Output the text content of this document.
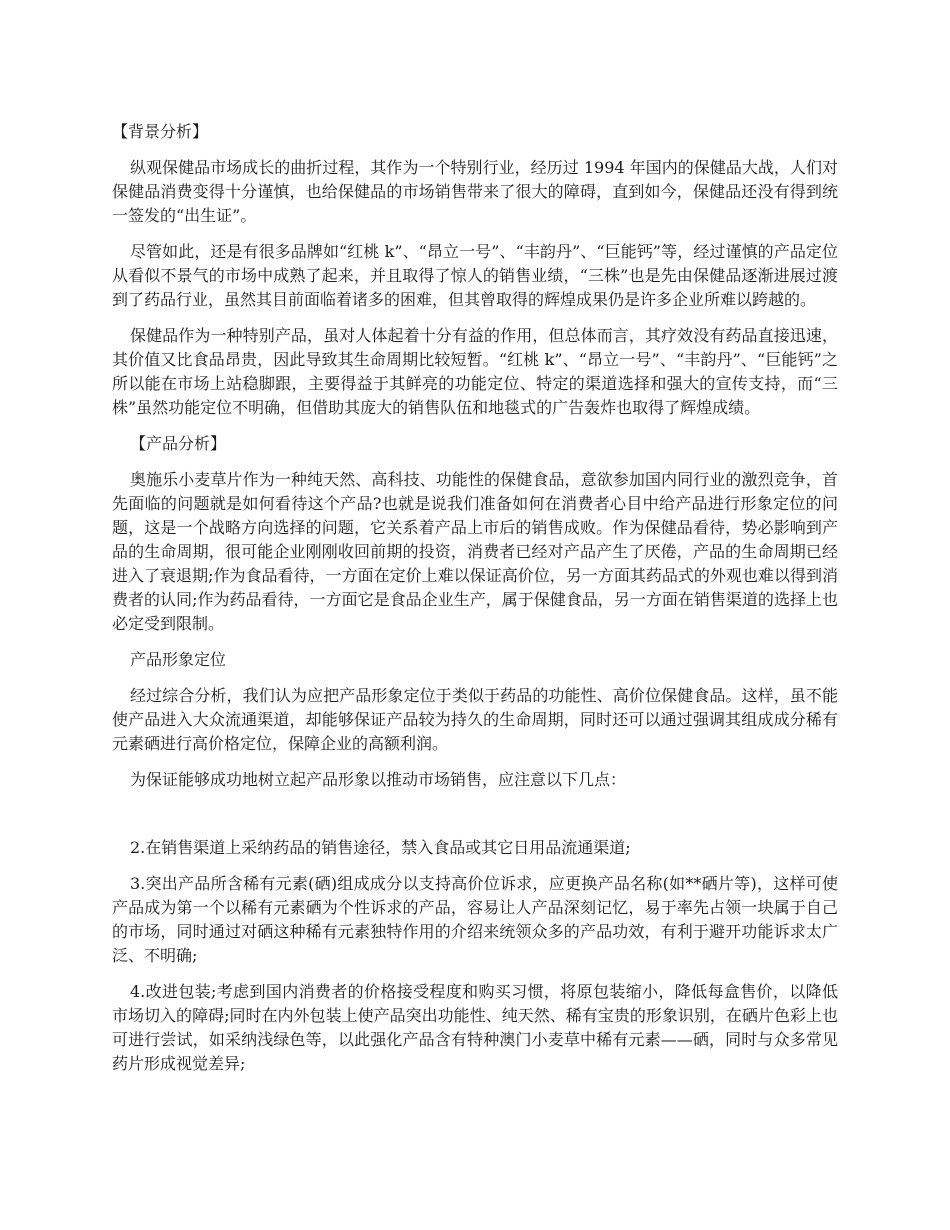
【背景分析】

纵观保健品市场成长的曲折过程，其作为一个特别行业，经历过 1994 年国内的保健品大战，人们对保健品消费变得十分谨慎，也给保健品的市场销售带来了很大的障碍，直到如今，保健品还没有得到统一签发的“出生证”。

尽管如此，还是有很多品牌如“红桃 k”、“昂立一号”、“丰韵丹”、“巨能钙”等，经过谨慎的产品定位从看似不景气的市场中成熟了起来，并且取得了惊人的销售业绩，“三株”也是先由保健品逐渐进展过渡到了药品行业，虽然其目前面临着诸多的困难，但其曾取得的辉煌成果仍是许多企业所难以跨越的。

保健品作为一种特别产品，虽对人体起着十分有益的作用，但总体而言，其疗效没有药品直接迅速，其价值又比食品昂贵，因此导致其生命周期比较短暂。“红桃 k”、“昂立一号”、“丰韵丹”、“巨能钙”之所以能在市场上站稳脚跟，主要得益于其鲜亮的功能定位、特定的渠道选择和强大的宣传支持，而“三株”虽然功能定位不明确，但借助其庞大的销售队伍和地毯式的广告轰炸也取得了辉煌成绩。

【产品分析】

奥施乐小麦草片作为一种纯天然、高科技、功能性的保健食品，意欲参加国内同行业的激烈竞争，首先面临的问题就是如何看待这个产品?也就是说我们准备如何在消费者心目中给产品进行形象定位的问题，这是一个战略方向选择的问题，它关系着产品上市后的销售成败。作为保健品看待，势必影响到产品的生命周期，很可能企业刚刚收回前期的投资，消费者已经对产品产生了厌倦，产品的生命周期已经进入了衰退期;作为食品看待，一方面在定价上难以保证高价位，另一方面其药品式的外观也难以得到消费者的认同;作为药品看待，一方面它是食品企业生产，属于保健食品，另一方面在销售渠道的选择上也必定受到限制。

产品形象定位

经过综合分析，我们认为应把产品形象定位于类似于药品的功能性、高价位保健食品。这样，虽不能使产品进入大众流通渠道，却能够保证产品较为持久的生命周期，同时还可以通过强调其组成成分稀有元素硒进行高价格定位，保障企业的高额利润。

为保证能够成功地树立起产品形象以推动市场销售，应注意以下几点：

2.在销售渠道上采纳药品的销售途径，禁入食品或其它日用品流通渠道;

3.突出产品所含稀有元素(硒)组成成分以支持高价位诉求，应更换产品名称(如**硒片等)，这样可使产品成为第一个以稀有元素硒为个性诉求的产品，容易让人产品深刻记忆，易于率先占领一块属于自己的市场，同时通过对硒这种稀有元素独特作用的介绍来统领众多的产品功效，有利于避开功能诉求太广泛、不明确;

4.改进包装;考虑到国内消费者的价格接受程度和购买习惯，将原包装缩小，降低每盒售价，以降低市场切入的障碍;同时在内外包装上使产品突出功能性、纯天然、稀有宝贵的形象识别，在硒片色彩上也可进行尝试，如采纳浅绿色等，以此强化产品含有特种澳门小麦草中稀有元素——硒，同时与众多常见药片形成视觉差异;
